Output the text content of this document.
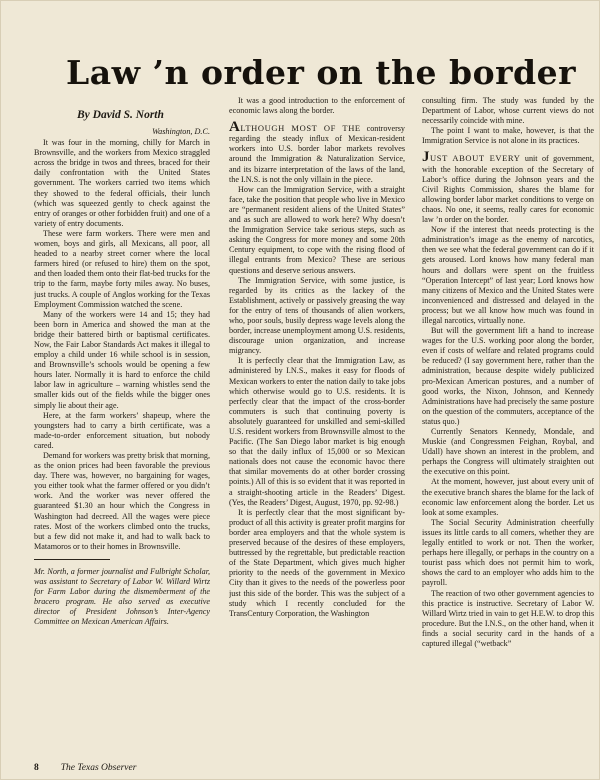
Law ’n order on the border
By David S. North
Washington, D.C.

It was four in the morning, chilly for March in Brownsville, and the workers from Mexico straggled across the bridge in twos and threes, braced for their daily confrontation with the United States government. The workers carried two items which they showed to the federal officials, their lunch (which was squeezed gently to check against the entry of oranges or other forbidden fruit) and one of a variety of entry documents.

These were farm workers. There were men and women, boys and girls, all Mexicans, all poor, all headed to a nearby street corner where the local farmers hired (or refused to hire) them on the spot, and then loaded them onto their flat-bed trucks for the trip to the farm, maybe forty miles away. No buses, just trucks. A couple of Anglos working for the Texas Employment Commission watched the scene.

Many of the workers were 14 and 15; they had been born in America and showed the man at the bridge their battered birth or baptismal certificates. Now, the Fair Labor Standards Act makes it illegal to employ a child under 16 while school is in session, and Brownsville’s schools would be opening a few hours later. Normally it is hard to enforce the child labor law in agriculture – warning whistles send the smaller kids out of the fields while the bigger ones simply lie about their age.

Here, at the farm workers’ shapeup, where the youngsters had to carry a birth certificate, was a made-to-order enforcement situation, but nobody cared.

Demand for workers was pretty brisk that morning, as the onion prices had been favorable the previous day. There was, however, no bargaining for wages, you either took what the farmer offered or you didn’t work. And the worker was never offered the guaranteed $1.30 an hour which the Congress in Washington had decreed. All the wages were piece rates. Most of the workers climbed onto the trucks, but a few did not make it, and had to walk back to Matamoros or to their homes in Brownsville.

Mr. North, a former journalist and Fulbright Scholar, was assistant to Secretary of Labor W. Willard Wirtz for Farm Labor during the dismemberment of the bracero program. He also served as executive director of President Johnson’s Inter-Agency Committee on Mexican American Affairs.

It was a good introduction to the enforcement of economic laws along the border.

ALTHOUGH MOST OF THE controversy regarding the steady influx of Mexican-resident workers into U.S. border labor markets revolves around the Immigration & Naturalization Service, and its bizarre interpretation of the laws of the land, the I.N.S. is not the only villain in the piece.

How can the Immigration Service, with a straight face, take the position that people who live in Mexico are “permanent resident aliens of the United States” and as such are allowed to work here? Why doesn’t the Immigration Service take serious steps, such as asking the Congress for more money and some 20th Century equipment, to cope with the rising flood of illegal entrants from Mexico? These are serious questions and deserve serious answers.

The Immigration Service, with some justice, is regarded by its critics as the lackey of the Establishment, actively or passively greasing the way for the entry of tens of thousands of alien workers, who, poor souls, busily depress wage levels along the border, increase unemployment among U.S. residents, discourage union organization, and increase migrancy.

It is perfectly clear that the Immigration Law, as administered by I.N.S., makes it easy for floods of Mexican workers to enter the nation daily to take jobs which otherwise would go to U.S. residents. It is perfectly clear that the impact of the cross-border commuters is such that continuing poverty is absolutely guaranteed for unskilled and semi-skilled U.S. resident workers from Brownsville almost to the Pacific. (The San Diego labor market is big enough so that the daily influx of 15,000 or so Mexican nationals does not cause the economic havoc there that similar movements do at other border crossing points.) All of this is so evident that it was reported in a straight-shooting article in the Readers’ Digest. (Yes, the Readers’ Digest, August, 1970, pp. 92-98.)

It is perfectly clear that the most significant by-product of all this activity is greater profit margins for border area employers and that the whole system is preserved because of the desires of these employers, buttressed by the regrettable, but predictable reaction of the State Department, which gives much higher priority to the needs of the government in Mexico City than it gives to the needs of the powerless poor just this side of the border. This was the subject of a study which I recently concluded for the TransCentury Corporation, the Washington

consulting firm. The study was funded by the Department of Labor, whose current views do not necessarily coincide with mine.

The point I want to make, however, is that the Immigration Service is not alone in its practices.

JUST ABOUT EVERY unit of government, with the honorable exception of the Secretary of Labor’s office during the Johnson years and the Civil Rights Commission, shares the blame for allowing border labor market conditions to verge on chaos. No one, it seems, really cares for economic law ’n order on the border.

Now if the interest that needs protecting is the administration’s image as the enemy of narcotics, then we see what the federal government can do if it gets aroused. Lord knows how many federal man hours and dollars were spent on the fruitless “Operation Intercept” of last year; Lord knows how many citizens of Mexico and the United States were inconvenienced and distressed and delayed in the process; but we all know how much was found in illegal narcotics, virtually none.

But will the government lift a hand to increase wages for the U.S. working poor along the border, even if costs of welfare and related programs could be reduced? (I say government here, rather than the administration, because despite widely publicized pro-Mexican American postures, and a number of good works, the Nixon, Johnson, and Kennedy Administrations have had precisely the same posture on the question of the commuters, acceptance of the status quo.)

Currently Senators Kennedy, Mondale, and Muskie (and Congressmen Feighan, Roybal, and Udall) have shown an interest in the problem, and perhaps the Congress will ultimately straighten out the executive on this point.

At the moment, however, just about every unit of the executive branch shares the blame for the lack of economic law enforcement along the border. Let us look at some examples.

The Social Security Administration cheerfully issues its little cards to all comers, whether they are legally entitled to work or not. Then the worker, perhaps here illegally, or perhaps in the country on a tourist pass which does not permit him to work, shows the card to an employer who adds him to the payroll.

The reaction of two other government agencies to this practice is instructive. Secretary of Labor W. Willard Wirtz tried in vain to get H.E.W. to drop this procedure. But the I.N.S., on the other hand, when it finds a social security card in the hands of a captured illegal (“wetback”

8 The Texas Observer
